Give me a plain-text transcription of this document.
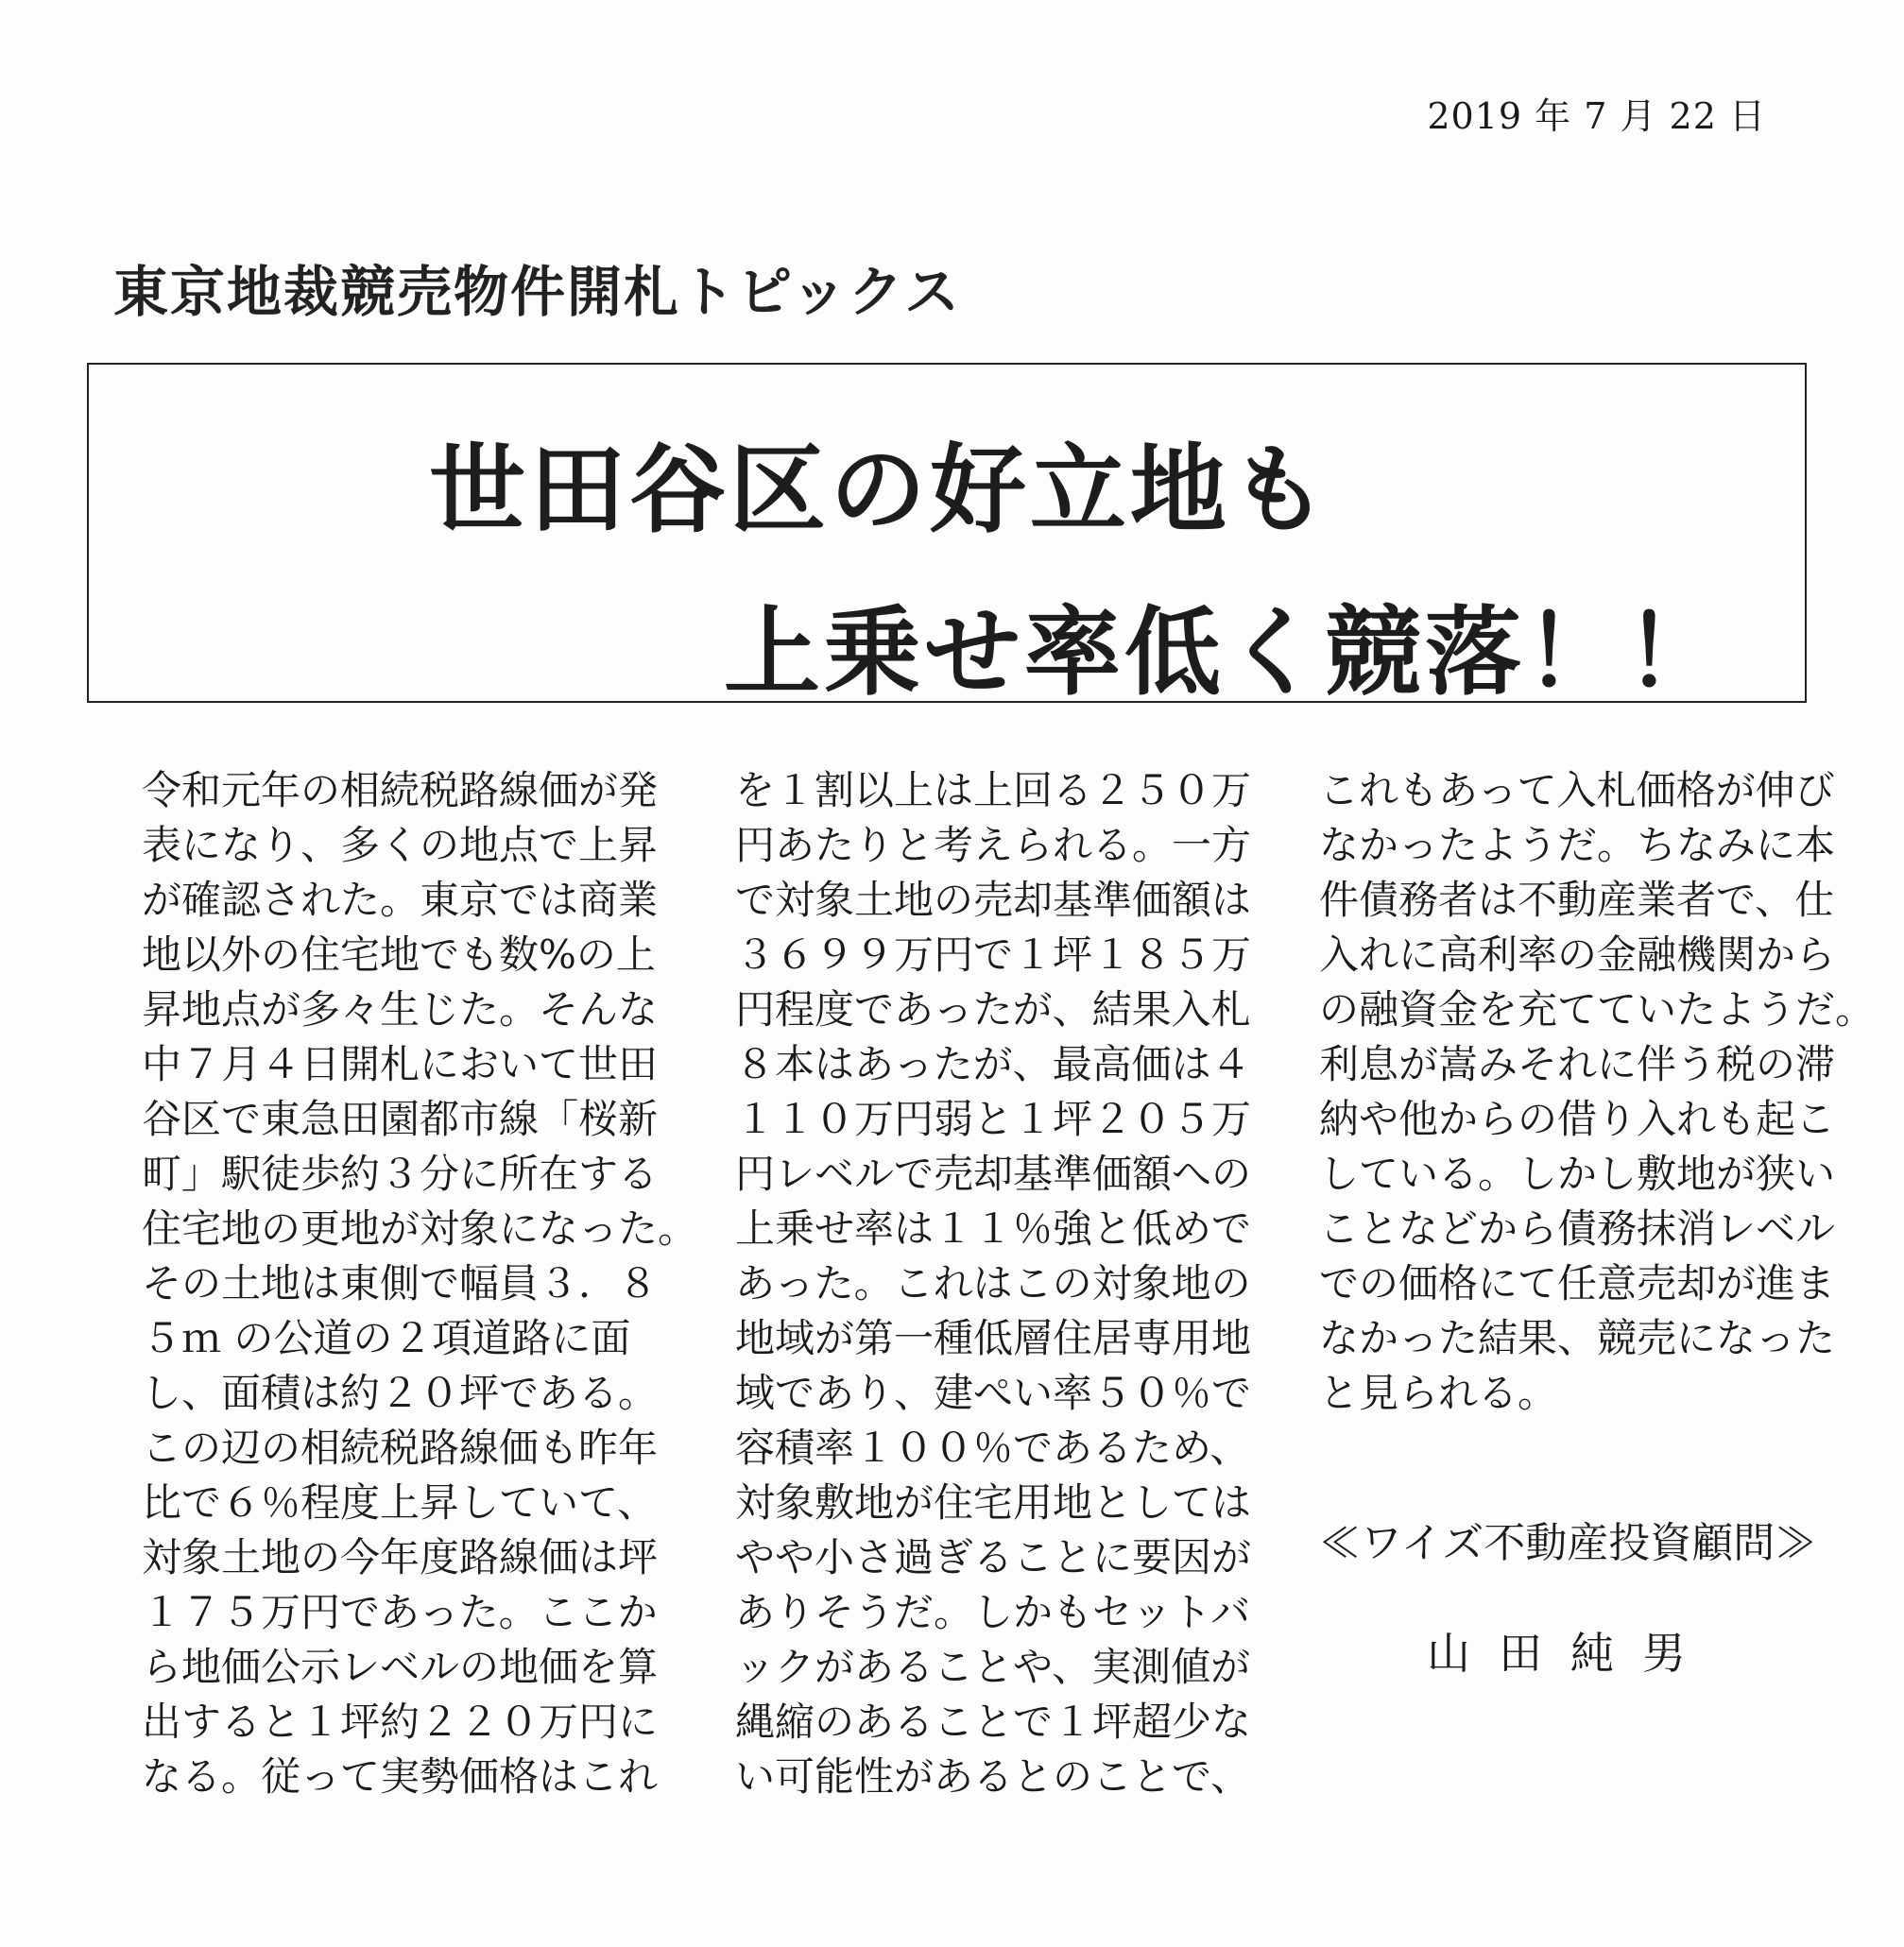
2019 年 7 月 22 日
東京地裁競売物件開札トピックス
世田谷区の好立地も
上乗せ率低く競落！！
令和元年の相続税路線価が発
表になり、多くの地点で上昇
が確認された。東京では商業
地以外の住宅地でも数%の上
昇地点が多々生じた。そんな
中７月４日開札において世田
谷区で東急田園都市線「桜新
町」駅徒歩約３分に所在する
住宅地の更地が対象になった。
その土地は東側で幅員３．８
５ｍ の公道の２項道路に面
し、面積は約２０坪である。
この辺の相続税路線価も昨年
比で６％程度上昇していて、
対象土地の今年度路線価は坪
１７５万円であった。ここか
ら地価公示レベルの地価を算
出すると１坪約２２０万円に
なる。従って実勢価格はこれ
を１割以上は上回る２５０万
円あたりと考えられる。一方
で対象土地の売却基準価額は
３６９９万円で１坪１８５万
円程度であったが、結果入札
８本はあったが、最高価は４
１１０万円弱と１坪２０５万
円レベルで売却基準価額への
上乗せ率は１１％強と低めで
あった。これはこの対象地の
地域が第一種低層住居専用地
域であり、建ぺい率５０％で
容積率１００％であるため、
対象敷地が住宅用地としては
やや小さ過ぎることに要因が
ありそうだ。しかもセットバ
ックがあることや、実測値が
縄縮のあることで１坪超少な
い可能性があるとのことで、
これもあって入札価格が伸び
なかったようだ。ちなみに本
件債務者は不動産業者で、仕
入れに高利率の金融機関から
の融資金を充てていたようだ。
利息が嵩みそれに伴う税の滞
納や他からの借り入れも起こ
している。しかし敷地が狭い
ことなどから債務抹消レベル
での価格にて任意売却が進ま
なかった結果、競売になった
と見られる。
≪ワイズ不動産投資顧問≫
山田純男
